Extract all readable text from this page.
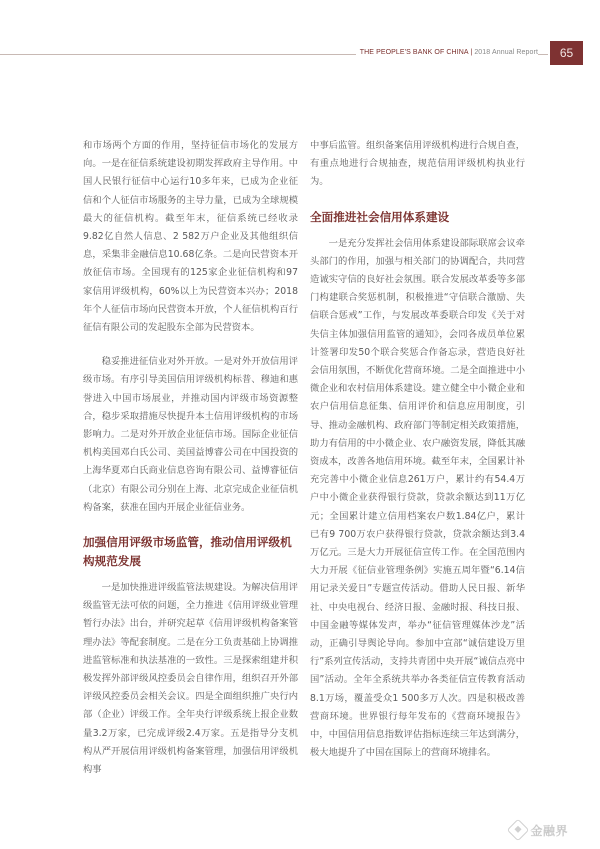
THE PEOPLE'S BANK OF CHINA | 2018 Annual Report	65

和市场两个方面的作用，坚持征信市场化的发展方向。一是在征信系统建设初期发挥政府主导作用。中国人民银行征信中心运行10多年来，已成为企业征信和个人征信市场服务的主导力量，已成为全球规模最大的征信机构。截至年末，征信系统已经收录9.82亿自然人信息、2 582万户企业及其他组织信息，采集非金融信息10.68亿条。二是向民营资本开放征信市场。全国现有的125家企业征信机构和97家信用评级机构，60%以上为民营资本兴办；2018年个人征信市场向民营资本开放，个人征信机构百行征信有限公司的发起股东全部为民营资本。

稳妥推进征信业对外开放。一是对外开放信用评级市场。有序引导美国信用评级机构标普、穆迪和惠誉进入中国市场展业，并推动国内评级市场资源整合，稳步采取措施尽快提升本土信用评级机构的市场影响力。二是对外开放企业征信市场。国际企业征信机构美国邓白氏公司、美国益博睿公司在中国投资的上海华夏邓白氏商业信息咨询有限公司、益博睿征信（北京）有限公司分别在上海、北京完成企业征信机构备案，获准在国内开展企业征信业务。

加强信用评级市场监管，推动信用评级机构规范发展

一是加快推进评级监管法规建设。为解决信用评级监管无法可依的问题，全力推进《信用评级业管理暂行办法》出台，并研究起草《信用评级机构备案管理办法》等配套制度。二是在分工负责基础上协调推进监管标准和执法基准的一致性。三是探索组建并积极发挥外部评级风控委员会自律作用，组织召开外部评级风控委员会相关会议。四是全面组织推广央行内部（企业）评级工作。全年央行评级系统上报企业数量3.2万家，已完成评级2.4万家。五是指导分支机构从严开展信用评级机构备案管理，加强信用评级机构事

中事后监管。组织备案信用评级机构进行合规自查，有重点地进行合规抽查，规范信用评级机构执业行为。

全面推进社会信用体系建设

一是充分发挥社会信用体系建设部际联席会议牵头部门的作用，加强与相关部门的协调配合，共同营造诚实守信的良好社会氛围。联合发展改革委等多部门构建联合奖惩机制，积极推进“守信联合激励、失信联合惩戒”工作，与发展改革委联合印发《关于对失信主体加强信用监管的通知》，会同各成员单位累计签署印发50个联合奖惩合作备忘录，营造良好社会信用氛围，不断优化营商环境。二是全面推进中小微企业和农村信用体系建设。建立健全中小微企业和农户信用信息征集、信用评价和信息应用制度，引导、推动金融机构、政府部门等制定相关政策措施，助力有信用的中小微企业、农户融资发展，降低其融资成本，改善各地信用环境。截至年末，全国累计补充完善中小微企业信息261万户，累计约有54.4万户中小微企业获得银行贷款，贷款余额达到11万亿元；全国累计建立信用档案农户数1.84亿户，累计已有9 700万农户获得银行贷款，贷款余额达到3.4万亿元。三是大力开展征信宣传工作。在全国范围内大力开展《征信业管理条例》实施五周年暨“6.14信用记录关爱日”专题宣传活动。借助人民日报、新华社、中央电视台、经济日报、金融时报、科技日报、中国金融等媒体发声，举办“征信管理媒体沙龙”活动，正确引导舆论导向。参加中宣部“诚信建设万里行”系列宣传活动，支持共青团中央开展“诚信点亮中国”活动。全年全系统共举办各类征信宣传教育活动8.1万场，覆盖受众1 500多万人次。四是积极改善营商环境。世界银行每年发布的《营商环境报告》中，中国信用信息指数评估指标连续三年达到满分，极大地提升了中国在国际上的营商环境排名。

金融界
